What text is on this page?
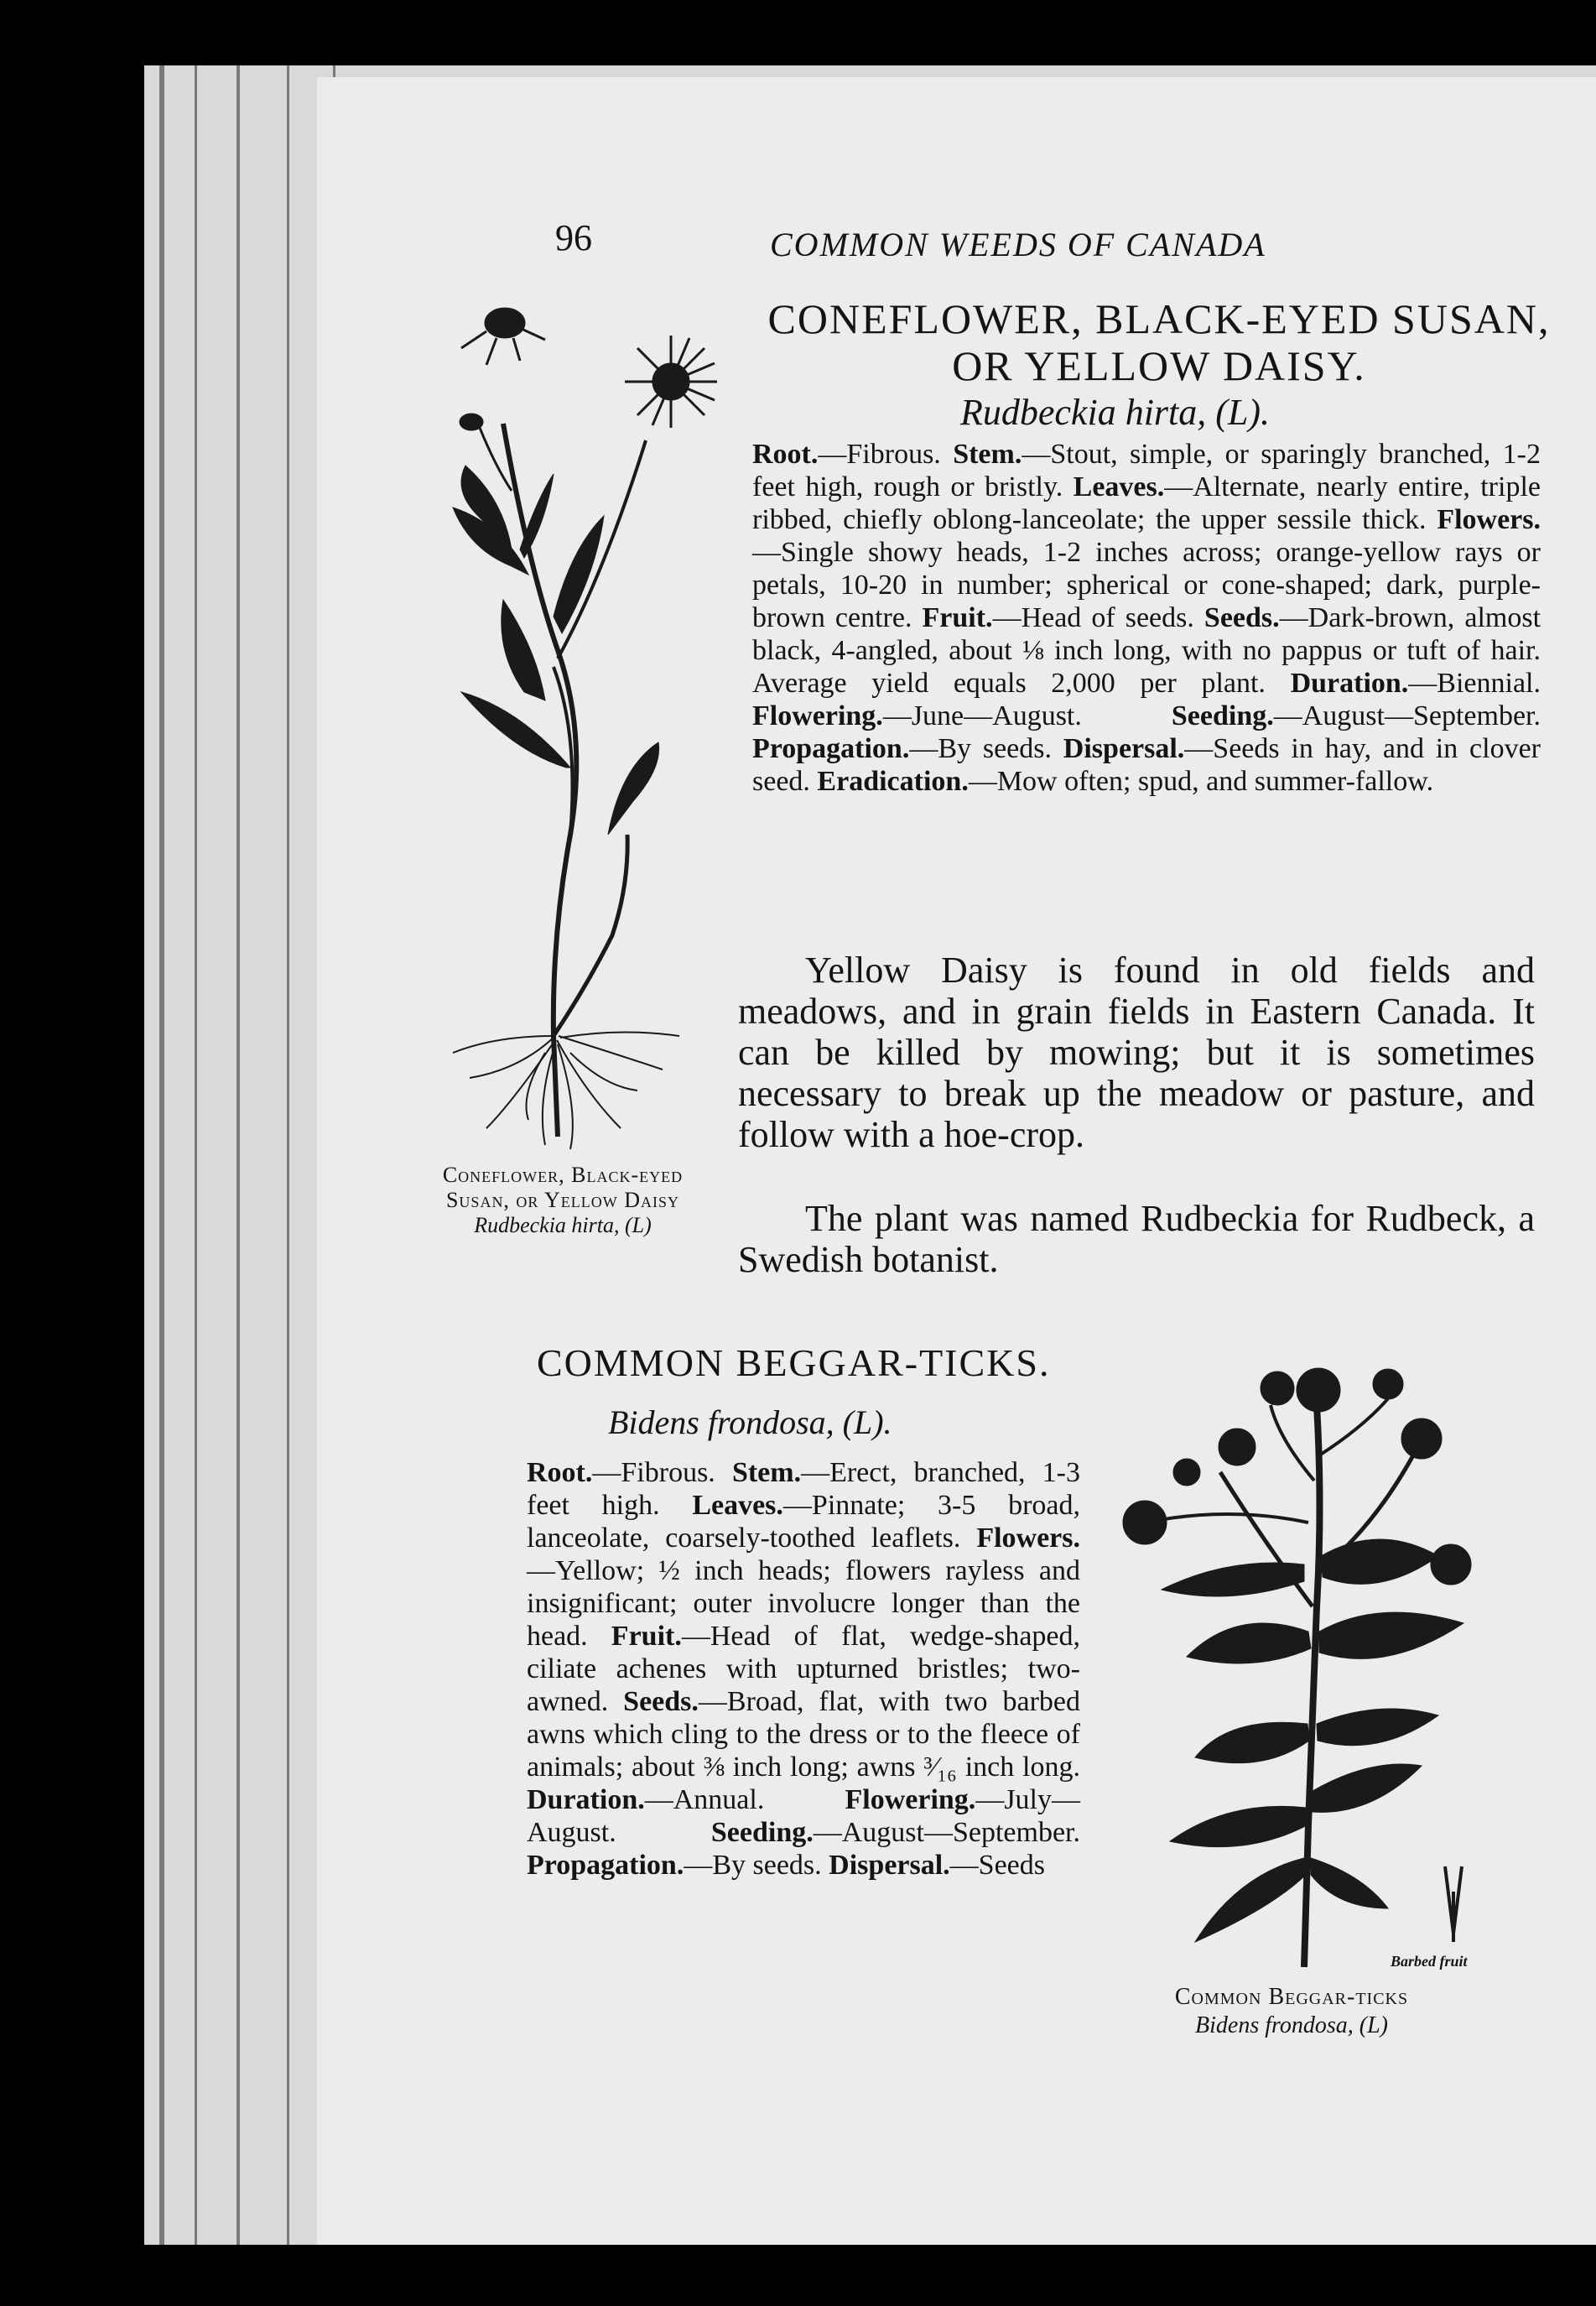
96	COMMON WEEDS OF CANADA
CONEFLOWER, BLACK-EYED SUSAN, OR YELLOW DAISY.
Rudbeckia hirta, (L).
Root.—Fibrous. Stem.—Stout, simple, or sparingly branched, 1-2 feet high, rough or bristly. Leaves.—Alternate, nearly entire, triple ribbed, chiefly oblong-lanceolate; the upper sessile thick. Flowers.—Single showy heads, 1-2 inches across; orange-yellow rays or petals, 10-20 in number; spherical or cone-shaped; dark, purple-brown centre. Fruit.—Head of seeds. Seeds.—Dark-brown, almost black, 4-angled, about ⅛ inch long, with no pappus or tuft of hair. Average yield equals 2,000 per plant. Duration.—Biennial. Flowering.—June—August. Seeding.—August—September. Propagation.—By seeds. Dispersal.—Seeds in hay, and in clover seed. Eradication.—Mow often; spud, and summer-fallow.
Yellow Daisy is found in old fields and meadows, and in grain fields in Eastern Canada. It can be killed by mowing; but it is sometimes necessary to break up the meadow or pasture, and follow with a hoe-crop.
The plant was named Rudbeckia for Rudbeck, a Swedish botanist.
Coneflower, Black-eyed
Susan, or Yellow Daisy
Rudbeckia hirta, (L)
COMMON BEGGAR-TICKS.
Bidens frondosa, (L).
Root.—Fibrous. Stem.—Erect, branched, 1-3 feet high. Leaves.—Pinnate; 3-5 broad, lanceolate, coarsely-toothed leaflets. Flowers.—Yellow; ½ inch heads; flowers rayless and insignificant; outer involucre longer than the head. Fruit.—Head of flat, wedge-shaped, ciliate achenes with upturned bristles; two-awned. Seeds.—Broad, flat, with two barbed awns which cling to the dress or to the fleece of animals; about ⅜ inch long; awns ³⁄₁₆ inch long. Duration.—Annual. Flowering.—July—August. Seeding.—August—September. Propagation.—By seeds. Dispersal.—Seeds
Barbed fruit
Common Beggar-ticks
Bidens frondosa, (L)
